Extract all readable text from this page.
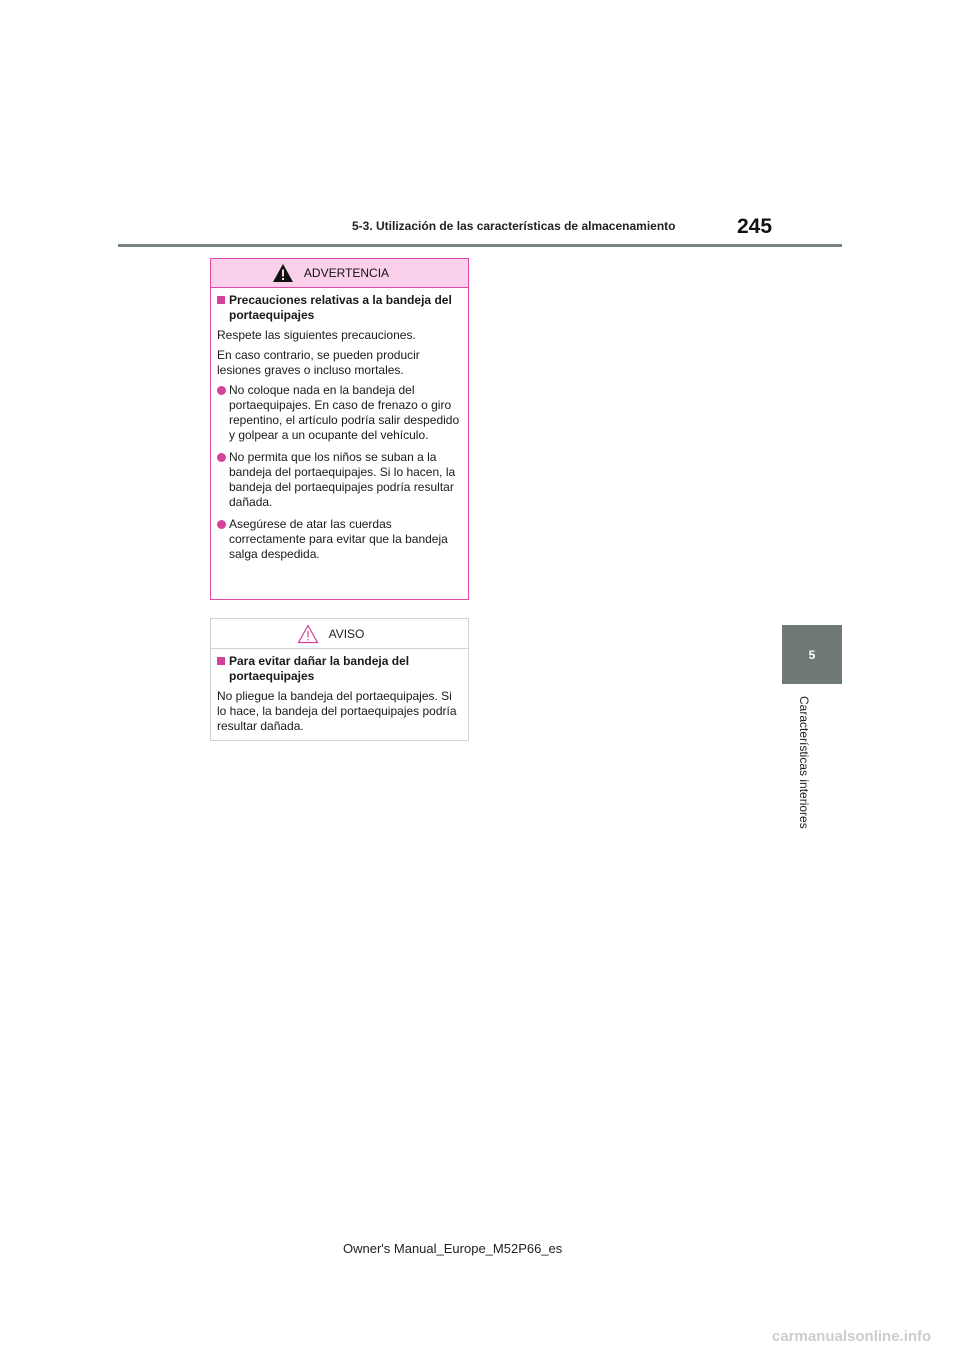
5-3. Utilización de las características de almacenamiento	245
5
Características interiores
ADVERTENCIA
Precauciones relativas a la bandeja del portaequipajes

Respete las siguientes precauciones.

En caso contrario, se pueden producir lesiones graves o incluso mortales.

No coloque nada en la bandeja del portaequipajes. En caso de frenazo o giro repentino, el artículo podría salir despedido y golpear a un ocupante del vehículo.
No permita que los niños se suban a la bandeja del portaequipajes. Si lo hacen, la bandeja del portaequipajes podría resultar dañada.
Asegúrese de atar las cuerdas correctamente para evitar que la bandeja salga despedida.
AVISO
Para evitar dañar la bandeja del portaequipajes

No pliegue la bandeja del portaequipajes. Si lo hace, la bandeja del portaequipajes podría resultar dañada.

Owner's Manual_Europe_M52P66_es
carmanualsonline.info
